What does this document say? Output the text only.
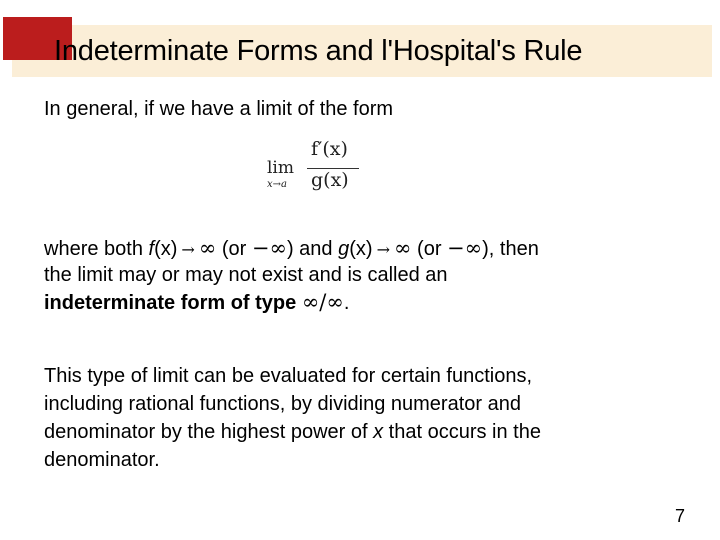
Indeterminate Forms and l'Hospital's Rule
In general, if we have a limit of the form
lim
x→a
f′(x)
g(x)
where both f(x) → ∞ (or −∞) and g(x) → ∞ (or −∞), then
the limit may or may not exist and is called an
indeterminate form of type ∞/∞.
This type of limit can be evaluated for certain functions,
including rational functions, by dividing numerator and
denominator by the highest power of x that occurs in the
denominator.
7
